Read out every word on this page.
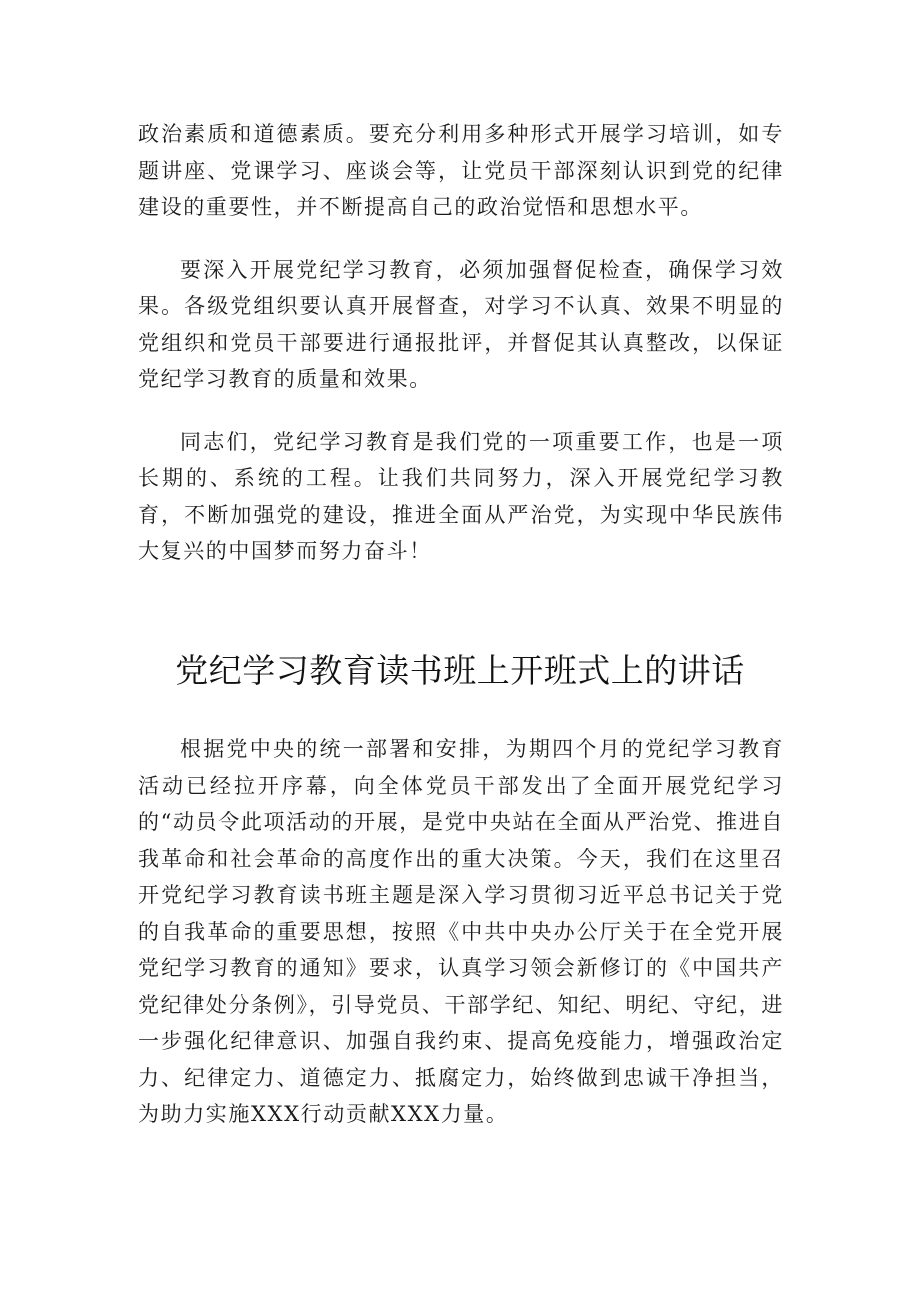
政治素质和道德素质。要充分利用多种形式开展学习培训，如专题讲座、党课学习、座谈会等，让党员干部深刻认识到党的纪律建设的重要性，并不断提高自己的政治觉悟和思想水平。

要深入开展党纪学习教育，必须加强督促检查，确保学习效果。各级党组织要认真开展督查，对学习不认真、效果不明显的党组织和党员干部要进行通报批评，并督促其认真整改，以保证党纪学习教育的质量和效果。

同志们，党纪学习教育是我们党的一项重要工作，也是一项长期的、系统的工程。让我们共同努力，深入开展党纪学习教育，不断加强党的建设，推进全面从严治党，为实现中华民族伟大复兴的中国梦而努力奋斗！

党纪学习教育读书班上开班式上的讲话

根据党中央的统一部署和安排，为期四个月的党纪学习教育活动已经拉开序幕，向全体党员干部发出了全面开展党纪学习的“动员令此项活动的开展，是党中央站在全面从严治党、推进自我革命和社会革命的高度作出的重大决策。今天，我们在这里召开党纪学习教育读书班主题是深入学习贯彻习近平总书记关于党的自我革命的重要思想，按照《中共中央办公厅关于在全党开展党纪学习教育的通知》要求，认真学习领会新修订的《中国共产党纪律处分条例》，引导党员、干部学纪、知纪、明纪、守纪，进一步强化纪律意识、加强自我约束、提高免疫能力，增强政治定力、纪律定力、道德定力、抵腐定力，始终做到忠诚干净担当，为助力实施XXX行动贡献XXX力量。
